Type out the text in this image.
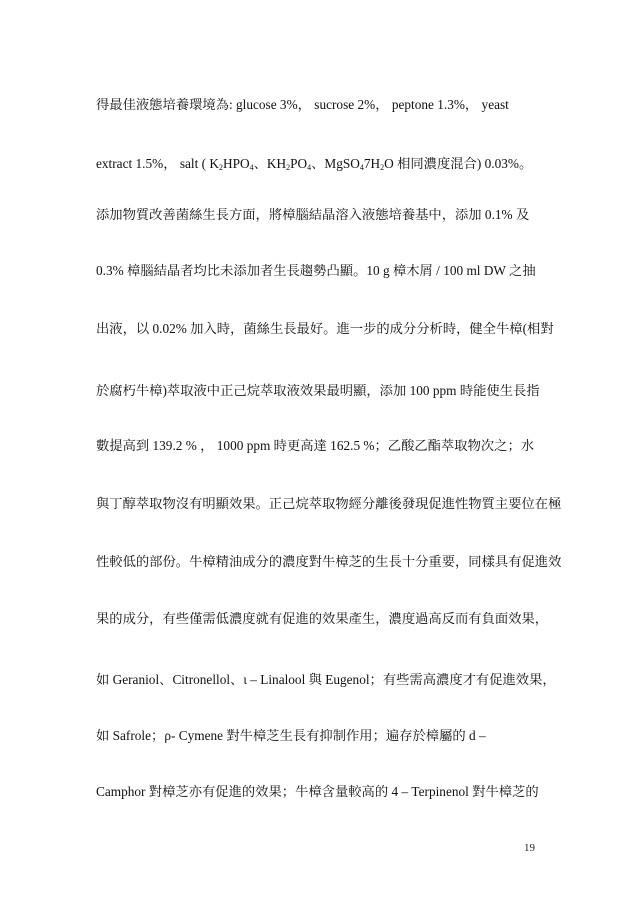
得最佳液態培養環境為: glucose 3%， sucrose 2%， peptone 1.3%， yeast
extract 1.5%， salt ( $K_2HPO_4$、$KH_2PO_4$、$MgSO_47H_2O$ 相同濃度混合) 0.03%。
添加物質改善菌絲生長方面，將樟腦結晶溶入液態培養基中，添加 0.1% 及
0.3% 樟腦結晶者均比未添加者生長趨勢凸顯。10 g 樟木屑 / 100 ml DW 之抽
出液，以 0.02% 加入時，菌絲生長最好。進一步的成分分析時，健全牛樟(相對
於腐朽牛樟)萃取液中正己烷萃取液效果最明顯，添加 100 ppm 時能使生長指
數提高到 139.2 % ， 1000 ppm 時更高達 162.5 %；乙酸乙酯萃取物次之；水
與丁醇萃取物沒有明顯效果。正己烷萃取物經分離後發現促進性物質主要位在極
性較低的部份。牛樟精油成分的濃度對牛樟芝的生長十分重要，同樣具有促進效
果的成分，有些僅需低濃度就有促進的效果產生，濃度過高反而有負面效果，
如 Geraniol、Citronellol、ι – Linalool 與 Eugenol；有些需高濃度才有促進效果，
如 Safrole；ρ- Cymene 對牛樟芝生長有抑制作用；遍存於樟屬的 d –
Camphor 對樟芝亦有促進的效果；牛樟含量較高的 4 – Terpinenol 對牛樟芝的
19
